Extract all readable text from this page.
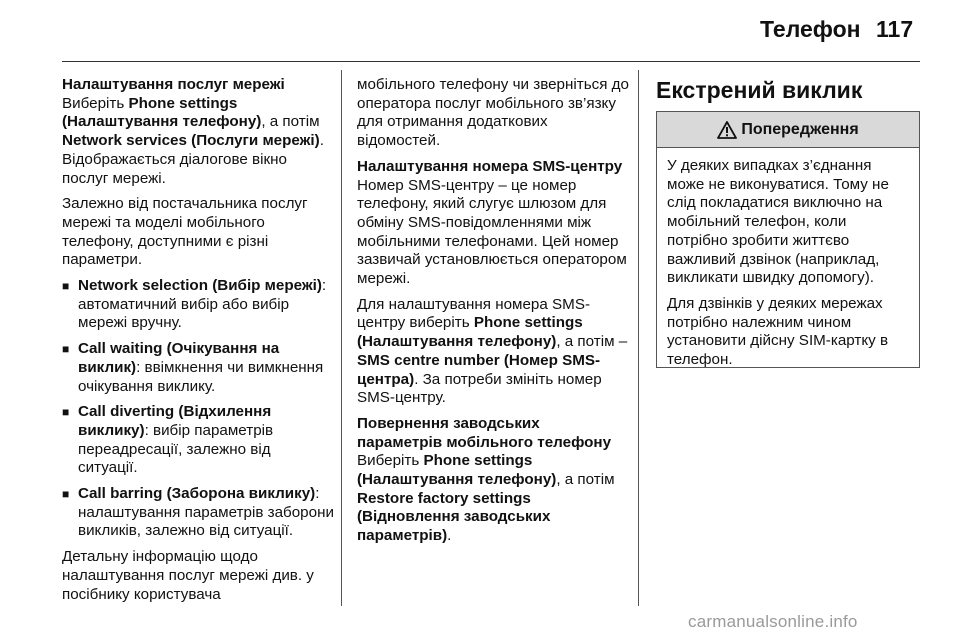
Телефон 117
Налаштування послуг мережі

Виберіть Phone settings (Налаштування телефону), а потім Network services (Послуги мережі). Відображається діалогове вікно послуг мережі.

Залежно від постачальника послуг мережі та моделі мобільного телефону, доступними є різні параметри.

■ Network selection (Вибір мережі): автоматичний вибір або вибір мережі вручну.
■ Call waiting (Очікування на виклик): ввімкнення чи вимкнення очікування виклику.
■ Call diverting (Відхилення виклику): вибір параметрів переадресації, залежно від ситуації.
■ Call barring (Заборона виклику): налаштування параметрів заборони викликів, залежно від ситуації.

Детальну інформацію щодо налаштування послуг мережі див. у посібнику користувача

мобільного телефону чи зверніться до оператора послуг мобільного зв’язку для отримання додаткових відомостей.

Налаштування номера SMS-центру

Номер SMS-центру – це номер телефону, який слугує шлюзом для обміну SMS-повідомленнями між мобільними телефонами. Цей номер зазвичай установлюється оператором мережі.

Для налаштування номера SMS-центру виберіть Phone settings (Налаштування телефону), а потім – SMS centre number (Номер SMS-центра). За потреби змініть номер SMS-центру.

Повернення заводських параметрів мобільного телефону

Виберіть Phone settings (Налаштування телефону), а потім Restore factory settings (Відновлення заводських параметрів).

Екстрений виклик
Попередження

У деяких випадках з’єднання може не виконуватися. Тому не слід покладатися виключно на мобільний телефон, коли потрібно зробити життєво важливий дзвінок (наприклад, викликати швидку допомогу).

Для дзвінків у деяких мережах потрібно належним чином установити дійсну SIM-картку в телефон.

carmanualsonline.info
